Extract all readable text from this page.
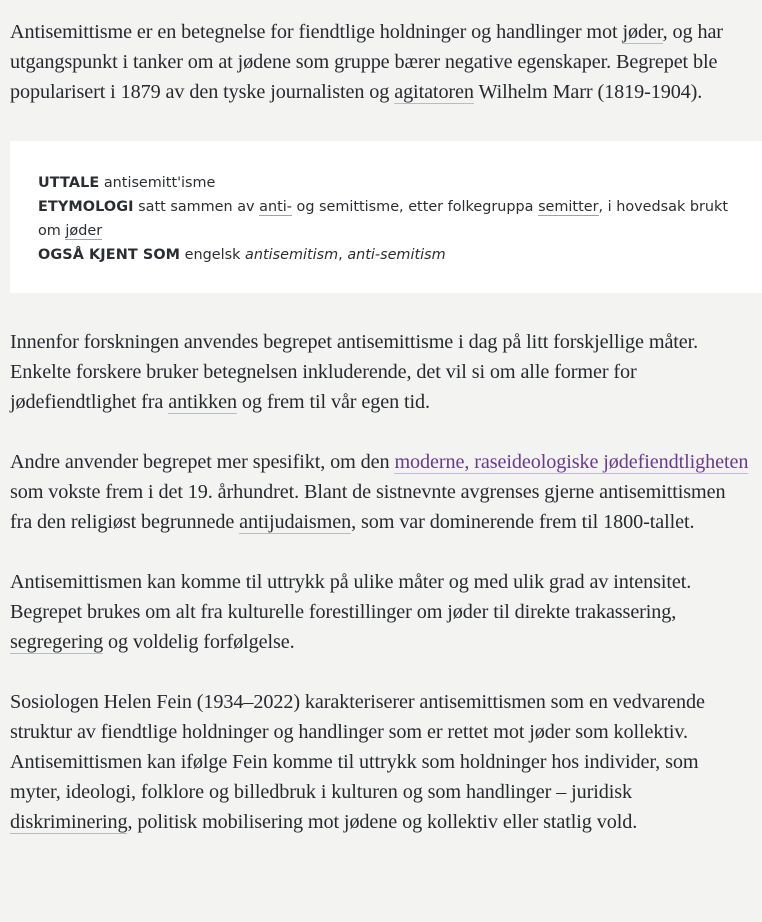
Antisemittisme er en betegnelse for fiendtlige holdninger og handlinger mot jøder, og har utgangspunkt i tanker om at jødene som gruppe bærer negative egenskaper. Begrepet ble popularisert i 1879 av den tyske journalisten og agitatoren Wilhelm Marr (1819-1904).

UTTALE antisemitt'isme
ETYMOLOGI satt sammen av anti- og semittisme, etter folkegruppa semitter, i hovedsak brukt om jøder
OGSÅ KJENT SOM engelsk antisemitism, anti-semitism

Innenfor forskningen anvendes begrepet antisemittisme i dag på litt forskjellige måter. Enkelte forskere bruker betegnelsen inkluderende, det vil si om alle former for jødefiendtlighet fra antikken og frem til vår egen tid.

Andre anvender begrepet mer spesifikt, om den moderne, raseideologiske jødefiendtligheten som vokste frem i det 19. århundret. Blant de sistnevnte avgrenses gjerne antisemittismen fra den religiøst begrunnede antijudaismen, som var dominerende frem til 1800-tallet.

Antisemittismen kan komme til uttrykk på ulike måter og med ulik grad av intensitet. Begrepet brukes om alt fra kulturelle forestillinger om jøder til direkte trakassering, segregering og voldelig forfølgelse.

Sosiologen Helen Fein (1934–2022) karakteriserer antisemittismen som en vedvarende struktur av fiendtlige holdninger og handlinger som er rettet mot jøder som kollektiv. Antisemittismen kan ifølge Fein komme til uttrykk som holdninger hos individer, som myter, ideologi, folklore og billedbruk i kulturen og som handlinger – juridisk diskriminering, politisk mobilisering mot jødene og kollektiv eller statlig vold.
